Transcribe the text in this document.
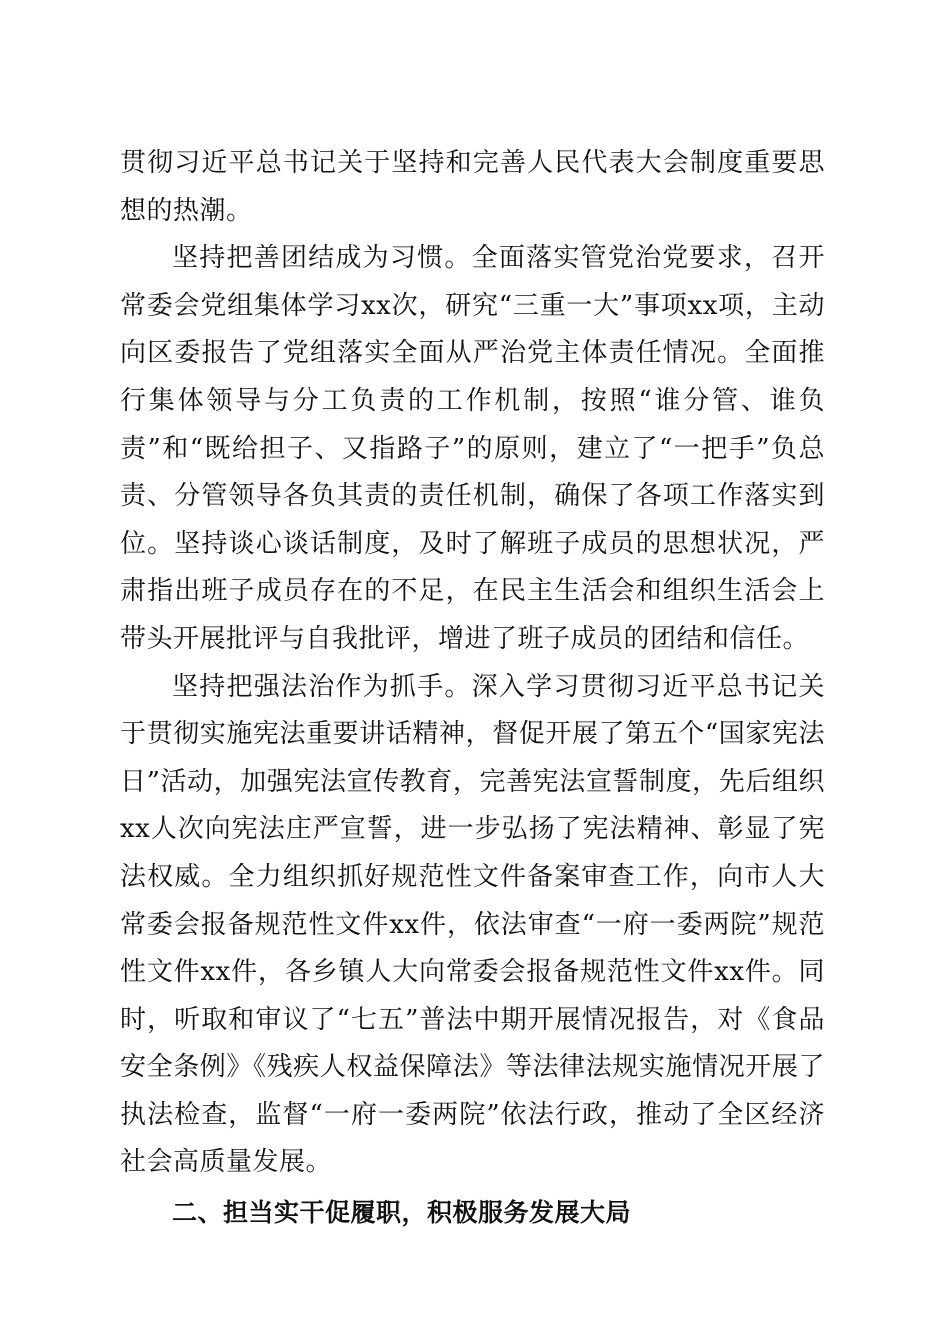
贯彻习近平总书记关于坚持和完善人民代表大会制度重要思想的热潮。

坚持把善团结成为习惯。全面落实管党治党要求，召开常委会党组集体学习xx次，研究“三重一大”事项xx项，主动向区委报告了党组落实全面从严治党主体责任情况。全面推行集体领导与分工负责的工作机制，按照“谁分管、谁负责”和“既给担子、又指路子”的原则，建立了“一把手”负总责、分管领导各负其责的责任机制，确保了各项工作落实到位。坚持谈心谈话制度，及时了解班子成员的思想状况，严肃指出班子成员存在的不足，在民主生活会和组织生活会上带头开展批评与自我批评，增进了班子成员的团结和信任。

坚持把强法治作为抓手。深入学习贯彻习近平总书记关于贯彻实施宪法重要讲话精神，督促开展了第五个“国家宪法日”活动，加强宪法宣传教育，完善宪法宣誓制度，先后组织xx人次向宪法庄严宣誓，进一步弘扬了宪法精神、彰显了宪法权威。全力组织抓好规范性文件备案审查工作，向市人大常委会报备规范性文件xx件，依法审查“一府一委两院”规范性文件xx件，各乡镇人大向常委会报备规范性文件xx件。同时，听取和审议了“七五”普法中期开展情况报告，对《食品安全条例》《残疾人权益保障法》等法律法规实施情况开展了执法检查，监督“一府一委两院”依法行政，推动了全区经济社会高质量发展。

二、担当实干促履职，积极服务发展大局
